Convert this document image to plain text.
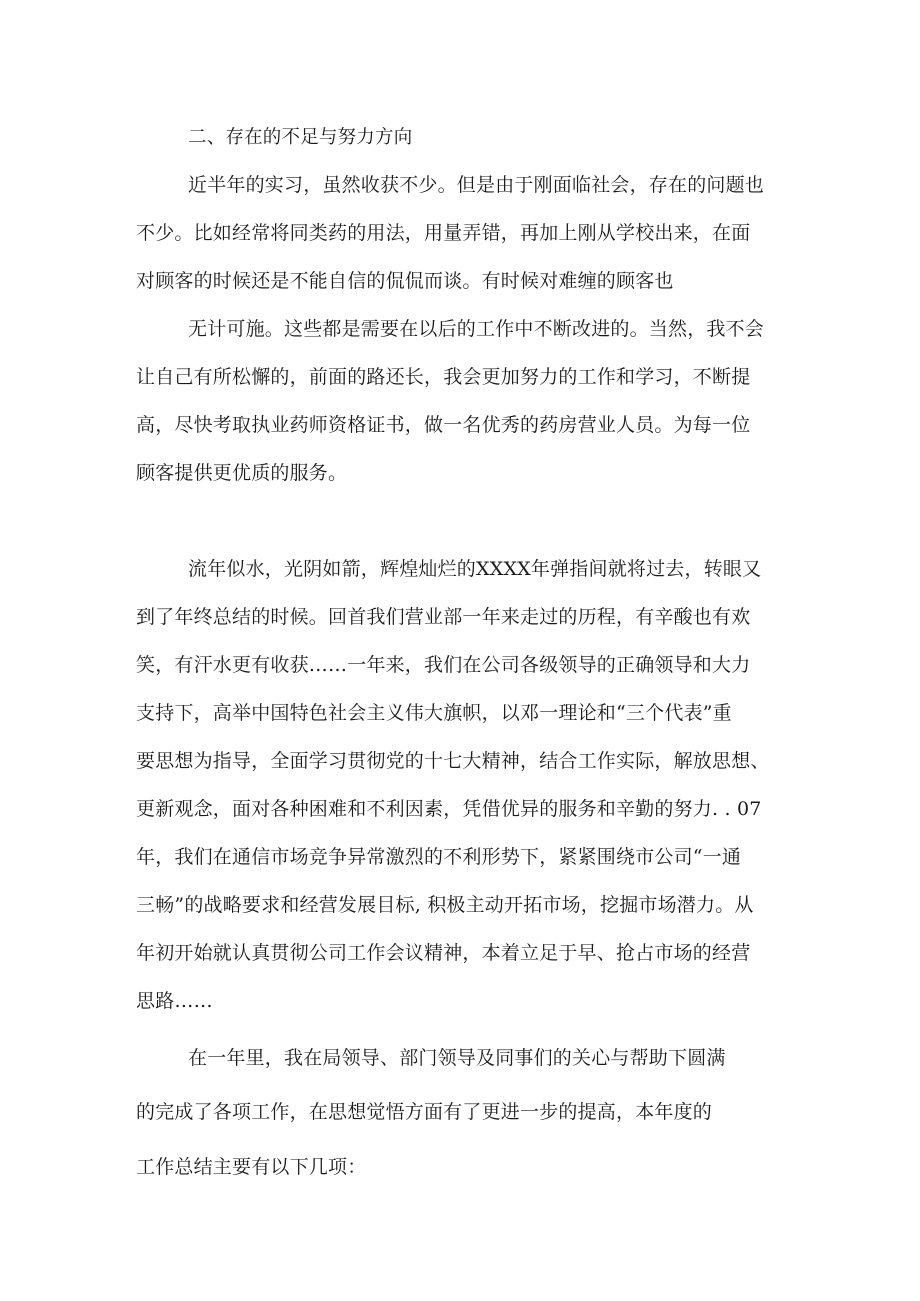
二、存在的不足与努力方向
近半年的实习，虽然收获不少。但是由于刚面临社会，存在的问题也
不少。比如经常将同类药的用法，用量弄错，再加上刚从学校出来，在面
对顾客的时候还是不能自信的侃侃而谈。有时候对难缠的顾客也
无计可施。这些都是需要在以后的工作中不断改进的。当然，我不会
让自己有所松懈的，前面的路还长，我会更加努力的工作和学习，不断提
高，尽快考取执业药师资格证书，做一名优秀的药房营业人员。为每一位
顾客提供更优质的服务。
流年似水，光阴如箭，辉煌灿烂的XXXX年弹指间就将过去，转眼又
到了年终总结的时候。回首我们营业部一年来走过的历程，有辛酸也有欢
笑，有汗水更有收获……一年来，我们在公司各级领导的正确领导和大力
支持下，高举中国特色社会主义伟大旗帜，以邓一理论和“三个代表”重
要思想为指导，全面学习贯彻党的十七大精神，结合工作实际，解放思想、
更新观念，面对各种困难和不利因素，凭借优异的服务和辛勤的努力. . 07
年，我们在通信市场竞争异常激烈的不利形势下，紧紧围绕市公司“一通
三畅”的战略要求和经营发展目标, 积极主动开拓市场，挖掘市场潜力。从
年初开始就认真贯彻公司工作会议精神，本着立足于早、抢占市场的经营
思路……
在一年里，我在局领导、部门领导及同事们的关心与帮助下圆满
的完成了各项工作，在思想觉悟方面有了更进一步的提高，本年度的
工作总结主要有以下几项：
